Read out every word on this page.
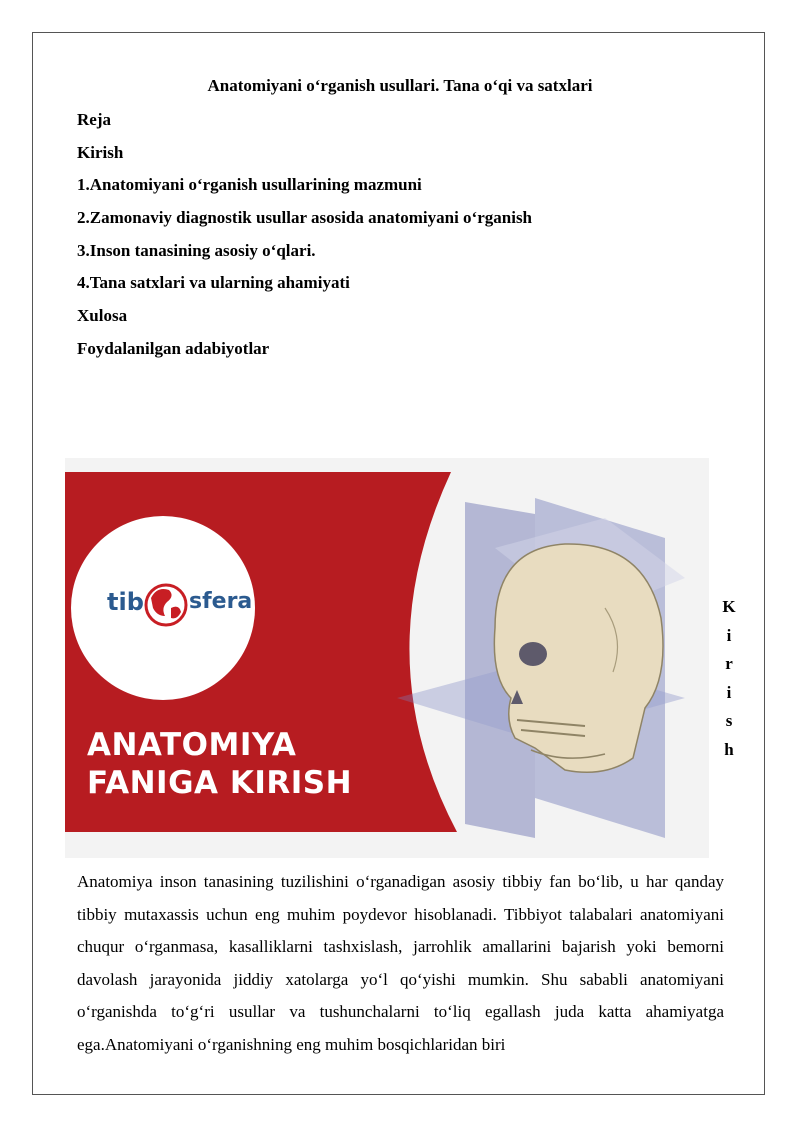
Anatomiyani o‘rganish usullari. Tana o‘qi va satxlari
Reja
Kirish
1.Anatomiyani o‘rganish usullarining mazmuni
2.Zamonaviy diagnostik usullar asosida anatomiyani o‘rganish
3.Inson tanasining asosiy o‘qlari.
4.Tana satxlari va ularning ahamiyati
Xulosa
Foydalanilgan adabiyotlar
tib sfera
ANATOMIYA
FANIGA KIRISH
K
i
r
i
s
h
Anatomiya inson tanasining tuzilishini o‘rganadigan asosiy tibbiy fan bo‘lib, u har qanday tibbiy mutaxassis uchun eng muhim poydevor hisoblanadi. Tibbiyot talabalari anatomiyani chuqur o‘rganmasa, kasalliklarni tashxislash, jarrohlik amallarini bajarish yoki bemorni davolash jarayonida jiddiy xatolarga yo‘l qo‘yishi mumkin. Shu sababli anatomiyani o‘rganishda to‘g‘ri usullar va tushunchalarni to‘liq egallash juda katta ahamiyatga ega.Anatomiyani o‘rganishning eng muhim bosqichlaridan biri
